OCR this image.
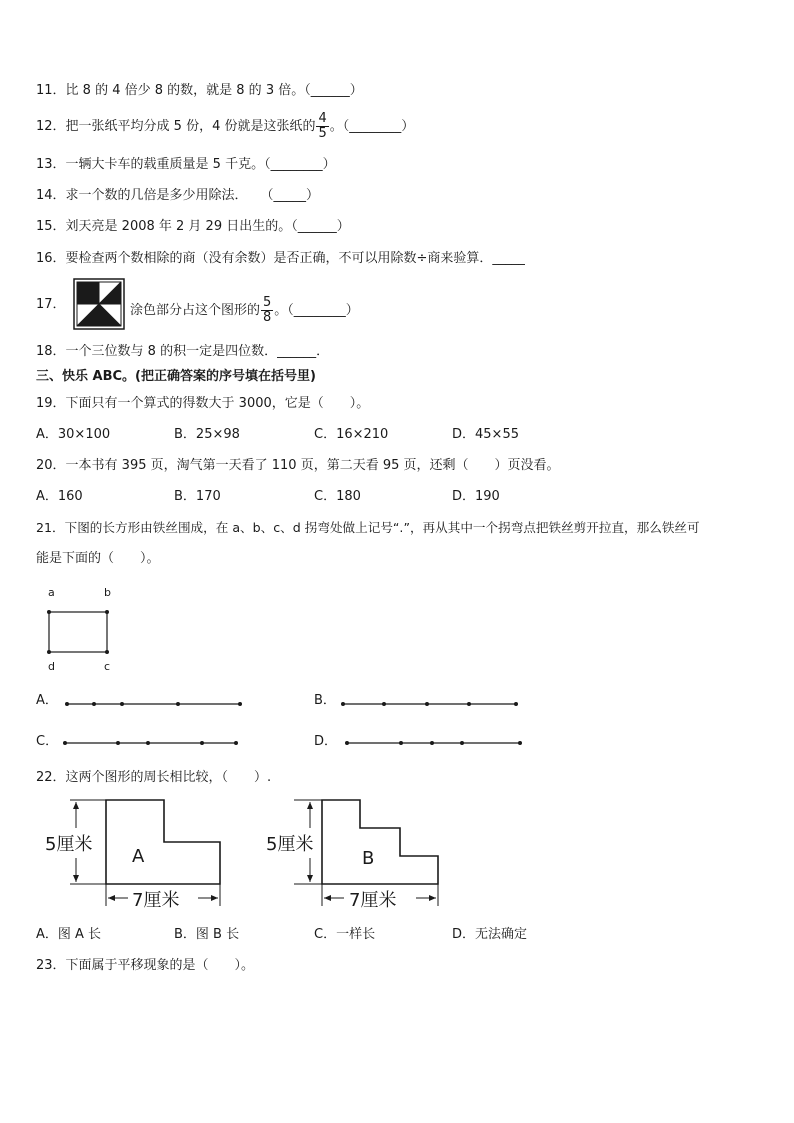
11．比 8 的 4 倍少 8 的数，就是 8 的 3 倍。（______）
12．把一张纸平均分成 5 份，4 份就是这张纸的 $\frac{4}{5}$ 。（________）
13．一辆大卡车的载重质量是 5 千克。（________）
14．求一个数的几倍是多少用除法．　　（_____）
15．刘天亮是 2008 年 2 月 29 日出生的。（______）
16．要检查两个数相除的商（没有余数）是否正确，不可以用除数÷商来验算．_____
17．	涂色部分占这个图形的 $\frac{5}{8}$ 。（________）
18．一个三位数与 8 的积一定是四位数．______．
三、快乐 ABC。(把正确答案的序号填在括号里)
19．下面只有一个算式的得数大于 3000，它是（　　）。
A．30×100	B．25×98	C．16×210	D．45×55
20．一本书有 395 页，淘气第一天看了 110 页，第二天看 95 页，还剩（　　）页没看。
A．160	B．170	C．180	D．190
21．下图的长方形由铁丝围成，在 a、b、c、d 拐弯处做上记号“.”，再从其中一个拐弯点把铁丝剪开拉直，那么铁丝可
能是下面的（　　）。
a	b
d	c
A．	B．
C．	D．
22．这两个图形的周长相比较，（　　）.
5厘米
A
7厘米
5厘米
B
7厘米
A．图 A 长	B．图 B 长	C．一样长	D．无法确定
23．下面属于平移现象的是（　　）。
